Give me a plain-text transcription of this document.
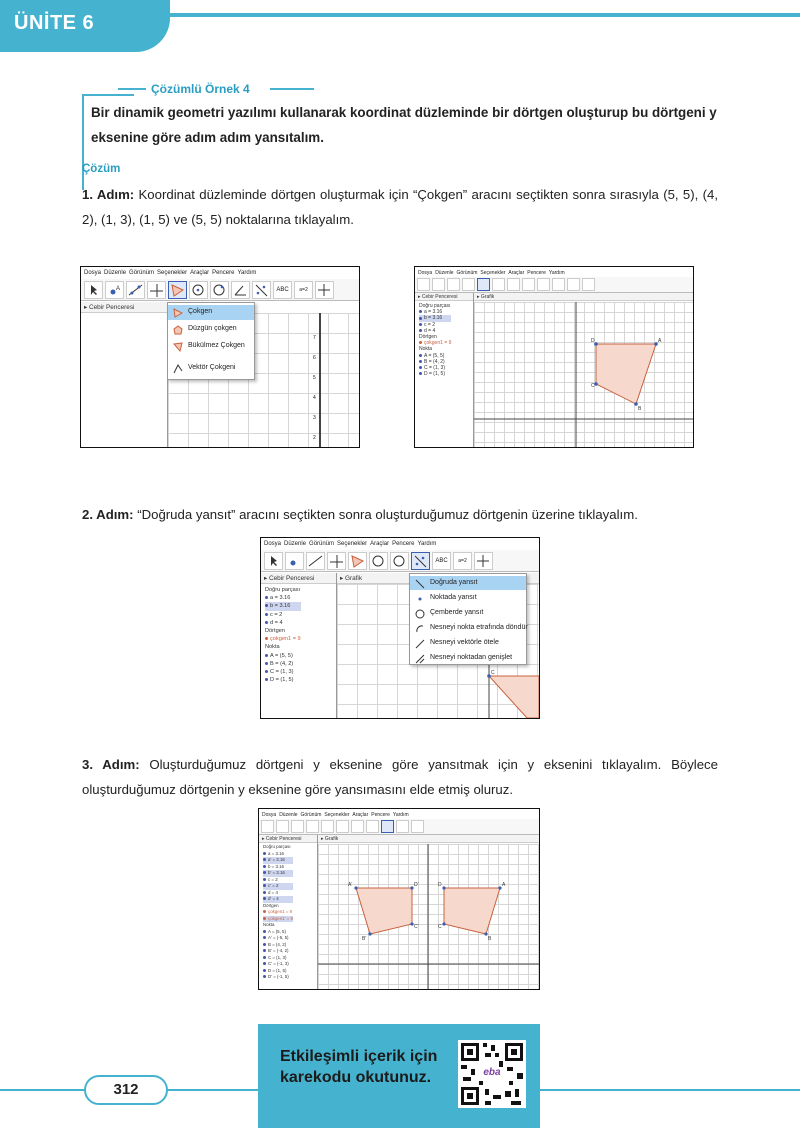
ÜNİTE 6
Çözümlü Örnek 4
Bir dinamik geometri yazılımı kullanarak koordinat düzleminde bir dörtgen oluşturup bu dörtgeni y eksenine göre adım adım yansıtalım.
Çözüm
1. Adım: Koordinat düzleminde dörtgen oluşturmak için “Çokgen” aracını seçtikten sonra sırasıyla (5, 5), (4, 2), (1, 3), (1, 5) ve (5, 5) noktalarına tıklayalım.
Dosya Düzenle Görünüm Seçenekler Araçlar Pencere Yardım
A	ABC	a=2
▸ Cebir Penceresi
7
6
5
4
3
2
Çokgen
Düzgün çokgen
Bükülmez Çokgen
Vektör Çokgeni
Dosya Düzenle Görünüm Seçenekler Araçlar Pencere Yardım
▸ Cebir Penceresi	▸ Grafik
Doğru parçası
a = 3.16
b = 3.16
c = 2
d = 4
Dörtgen
çokgen1 = 9
Nokta
A = (5, 5)
B = (4, 2)
C = (1, 3)
D = (1, 5)
A
B
C
D
2. Adım: “Doğruda yansıt” aracını seçtikten sonra oluşturduğumuz dörtgenin üzerine tıklayalım.
Dosya Düzenle Görünüm Seçenekler Araçlar Pencere Yardım
ABC	a=2
▸ Cebir Penceresi	▸ Grafik
Doğru parçası
a = 3.16
b = 3.16
c = 2
d = 4
Dörtgen
çokgen1 = 9
Nokta
A = (5, 5)
B = (4, 2)
C = (1, 3)
D = (1, 5)
C
Doğruda yansıt
Noktada yansıt
Çemberde yansıt
Nesneyi nokta etrafında döndür
Nesneyi vektörle ötele
Nesneyi noktadan genişlet
3. Adım: Oluşturduğumuz dörtgeni y eksenine göre yansıtmak için y eksenini tıklayalım. Böylece oluşturduğumuz dörtgenin y eksenine göre yansımasını elde etmiş oluruz.
Dosya Düzenle Görünüm Seçenekler Araçlar Pencere Yardım
▸ Cebir Penceresi	▸ Grafik
Doğru parçası
a = 3.16
a' = 3.16
b = 3.16
b' = 3.16
c = 2
c' = 2
d = 4
d' = 4
Dörtgen
çokgen1 = 9
çokgen1' = 9
Nokta
A = (5, 5)
A' = (-5, 5)
B = (4, 2)
B' = (-4, 2)
C = (1, 3)
C' = (-1, 3)
D = (1, 5)
D' = (-1, 5)
A
B
C
D
A'
B'
C'
D'
312
Etkileşimli içerik için
karekodu okutunuz.	eba
